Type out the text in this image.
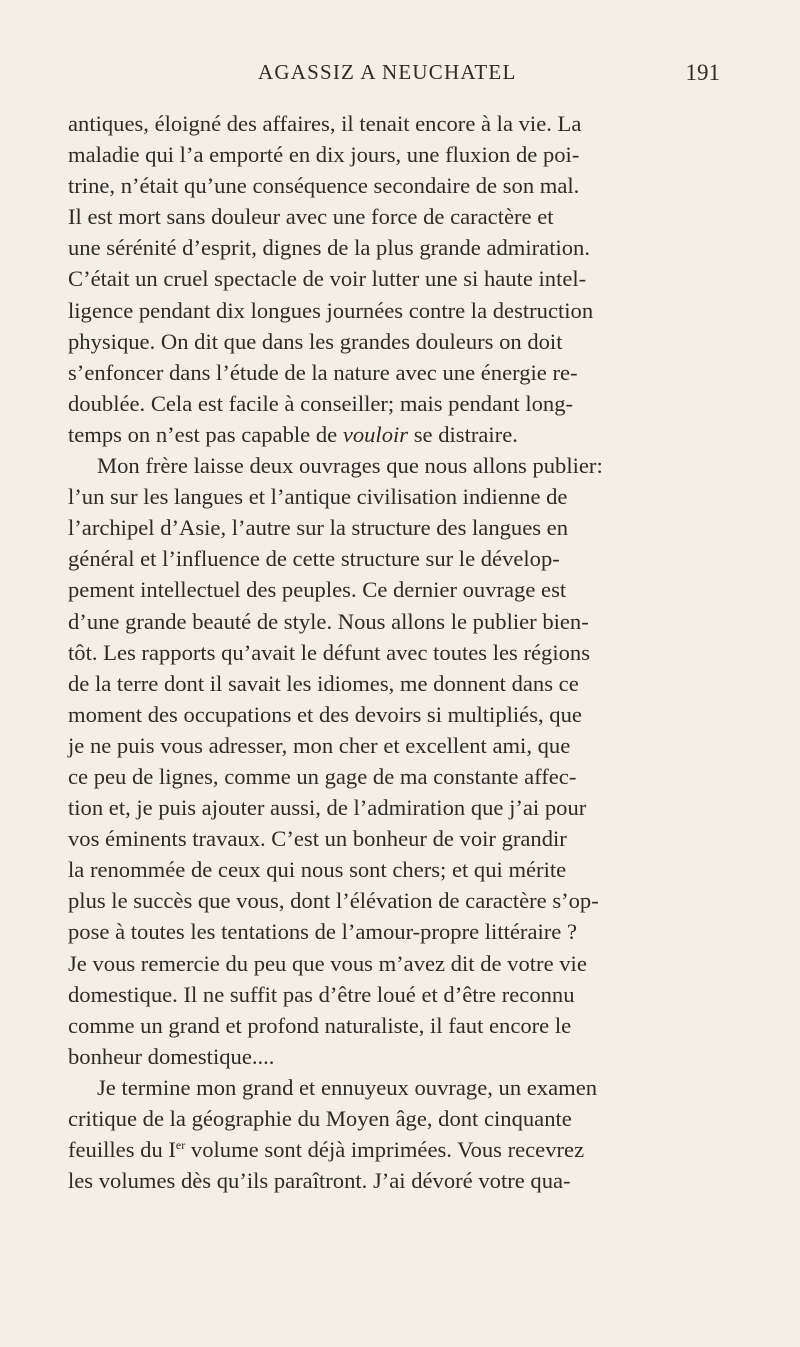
AGASSIZ A NEUCHATEL	191
antiques, éloigné des affaires, il tenait encore à la vie. La
maladie qui l’a emporté en dix jours, une fluxion de poi-
trine, n’était qu’une conséquence secondaire de son mal.
Il est mort sans douleur avec une force de caractère et
une sérénité d’esprit, dignes de la plus grande admiration.
C’était un cruel spectacle de voir lutter une si haute intel-
ligence pendant dix longues journées contre la destruction
physique. On dit que dans les grandes douleurs on doit
s’enfoncer dans l’étude de la nature avec une énergie re-
doublée. Cela est facile à conseiller; mais pendant long-
temps on n’est pas capable de vouloir se distraire.
Mon frère laisse deux ouvrages que nous allons publier:
l’un sur les langues et l’antique civilisation indienne de
l’archipel d’Asie, l’autre sur la structure des langues en
général et l’influence de cette structure sur le dévelop-
pement intellectuel des peuples. Ce dernier ouvrage est
d’une grande beauté de style. Nous allons le publier bien-
tôt. Les rapports qu’avait le défunt avec toutes les régions
de la terre dont il savait les idiomes, me donnent dans ce
moment des occupations et des devoirs si multipliés, que
je ne puis vous adresser, mon cher et excellent ami, que
ce peu de lignes, comme un gage de ma constante affec-
tion et, je puis ajouter aussi, de l’admiration que j’ai pour
vos éminents travaux. C’est un bonheur de voir grandir
la renommée de ceux qui nous sont chers; et qui mérite
plus le succès que vous, dont l’élévation de caractère s’op-
pose à toutes les tentations de l’amour-propre littéraire ?
Je vous remercie du peu que vous m’avez dit de votre vie
domestique. Il ne suffit pas d’être loué et d’être reconnu
comme un grand et profond naturaliste, il faut encore le
bonheur domestique....
Je termine mon grand et ennuyeux ouvrage, un examen
critique de la géographie du Moyen âge, dont cinquante
feuilles du Ier volume sont déjà imprimées. Vous recevrez
les volumes dès qu’ils paraîtront. J’ai dévoré votre qua-
